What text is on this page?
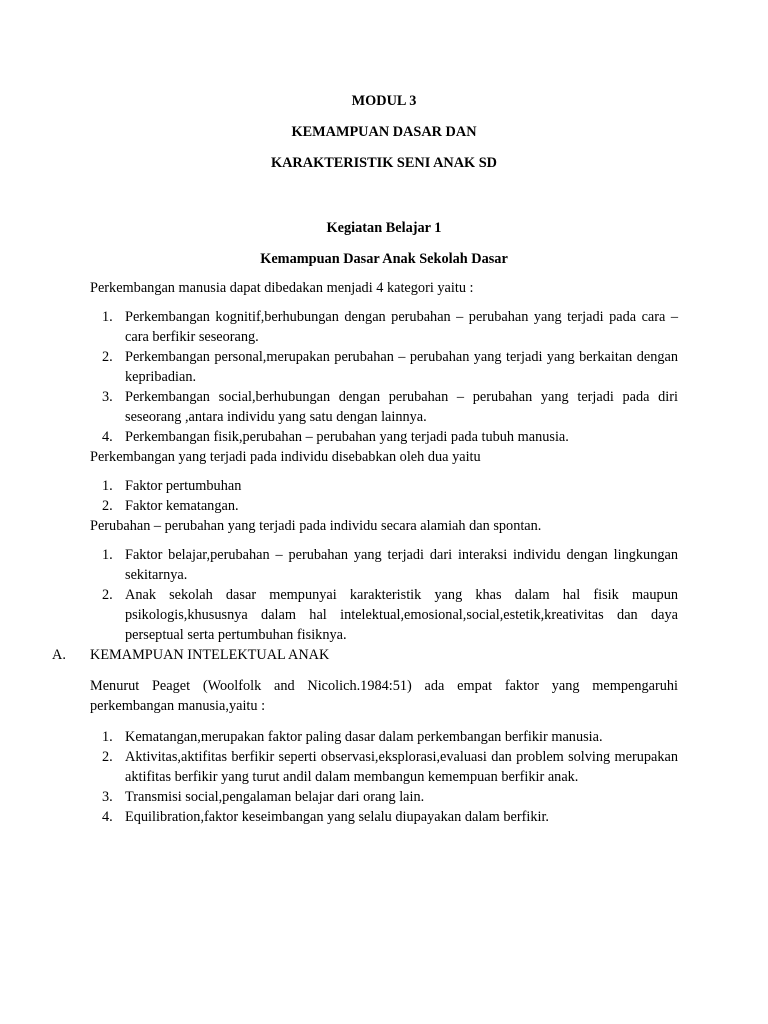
MODUL 3

KEMAMPUAN DASAR DAN

KARAKTERISTIK SENI ANAK SD

Kegiatan Belajar 1

Kemampuan Dasar Anak Sekolah Dasar

Perkembangan manusia dapat dibedakan menjadi 4 kategori yaitu :

1. Perkembangan kognitif,berhubungan dengan perubahan – perubahan yang terjadi pada cara – cara berfikir seseorang.
2. Perkembangan personal,merupakan perubahan – perubahan yang terjadi yang berkaitan dengan kepribadian.
3. Perkembangan social,berhubungan dengan perubahan – perubahan yang terjadi pada diri seseorang ,antara individu yang satu dengan lainnya.
4. Perkembangan fisik,perubahan – perubahan yang terjadi pada tubuh manusia.

Perkembangan yang terjadi pada individu disebabkan oleh dua yaitu

1. Faktor pertumbuhan
2. Faktor kematangan.

Perubahan – perubahan yang terjadi pada individu secara alamiah dan spontan.

1. Faktor belajar,perubahan – perubahan yang terjadi dari interaksi individu dengan lingkungan sekitarnya.
2. Anak sekolah dasar mempunyai karakteristik yang khas dalam hal fisik maupun psikologis,khususnya dalam hal intelektual,emosional,social,estetik,kreativitas dan daya perseptual serta pertumbuhan fisiknya.

A. KEMAMPUAN INTELEKTUAL ANAK

Menurut Peaget (Woolfolk and Nicolich.1984:51) ada empat faktor yang mempengaruhi perkembangan manusia,yaitu :

1. Kematangan,merupakan faktor paling dasar dalam perkembangan berfikir manusia.
2. Aktivitas,aktifitas berfikir seperti observasi,eksplorasi,evaluasi dan problem solving merupakan aktifitas berfikir yang turut andil dalam membangun kemempuan berfikir anak.
3. Transmisi social,pengalaman belajar dari orang lain.
4. Equilibration,faktor keseimbangan yang selalu diupayakan dalam berfikir.
